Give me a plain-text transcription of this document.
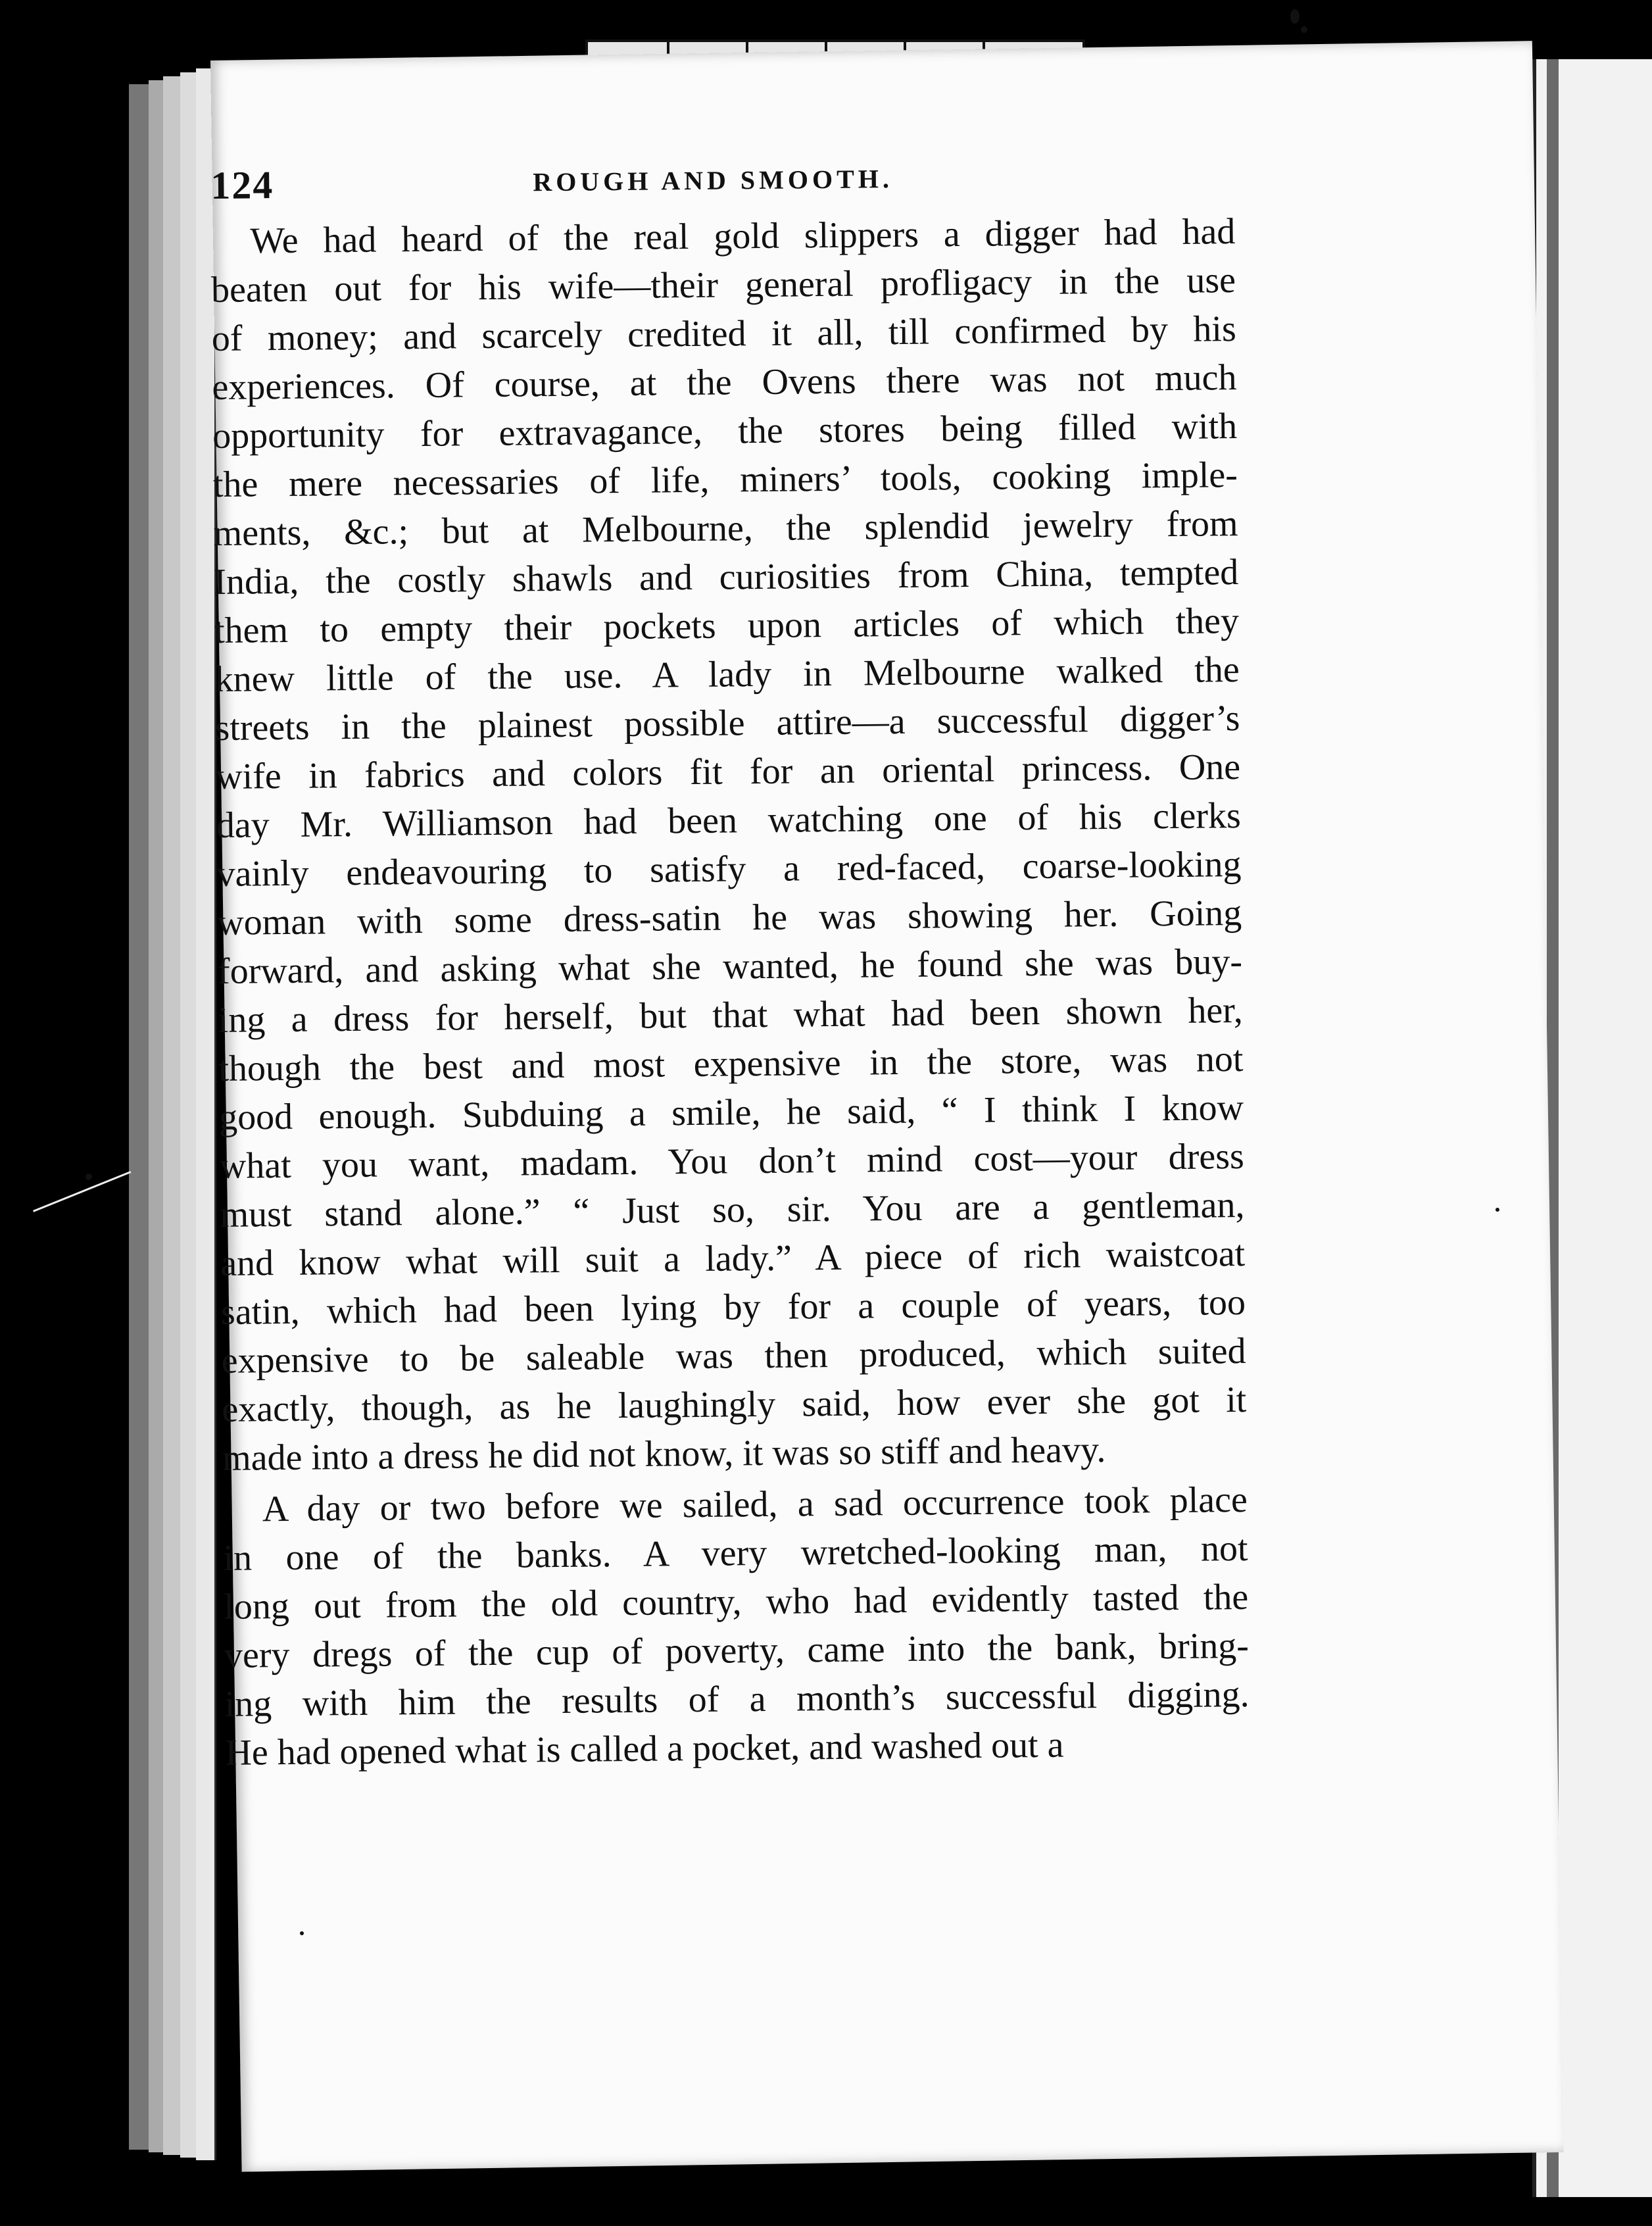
124	ROUGH AND SMOOTH.
We had heard of the real gold slippers a digger had had
beaten out for his wife—their general profligacy in the use
of money; and scarcely credited it all, till confirmed by his
experiences. Of course, at the Ovens there was not much
opportunity for extravagance, the stores being filled with
the mere necessaries of life, miners’ tools, cooking imple-
ments, &c.; but at Melbourne, the splendid jewelry from
India, the costly shawls and curiosities from China, tempted
them to empty their pockets upon articles of which they
knew little of the use. A lady in Melbourne walked the
streets in the plainest possible attire—a successful digger’s
wife in fabrics and colors fit for an oriental princess. One
day Mr. Williamson had been watching one of his clerks
vainly endeavouring to satisfy a red-faced, coarse-looking
woman with some dress-satin he was showing her. Going
forward, and asking what she wanted, he found she was buy-
ing a dress for herself, but that what had been shown her,
though the best and most expensive in the store, was not
good enough. Subduing a smile, he said, “ I think I know
what you want, madam. You don’t mind cost—your dress
must stand alone.” “ Just so, sir. You are a gentleman,
and know what will suit a lady.” A piece of rich waistcoat
satin, which had been lying by for a couple of years, too
expensive to be saleable was then produced, which suited
exactly, though, as he laughingly said, how ever she got it
made into a dress he did not know, it was so stiff and heavy.
A day or two before we sailed, a sad occurrence took place
in one of the banks. A very wretched-looking man, not
long out from the old country, who had evidently tasted the
very dregs of the cup of poverty, came into the bank, bring-
ing with him the results of a month’s successful digging.
He had opened what is called a pocket, and washed out a
